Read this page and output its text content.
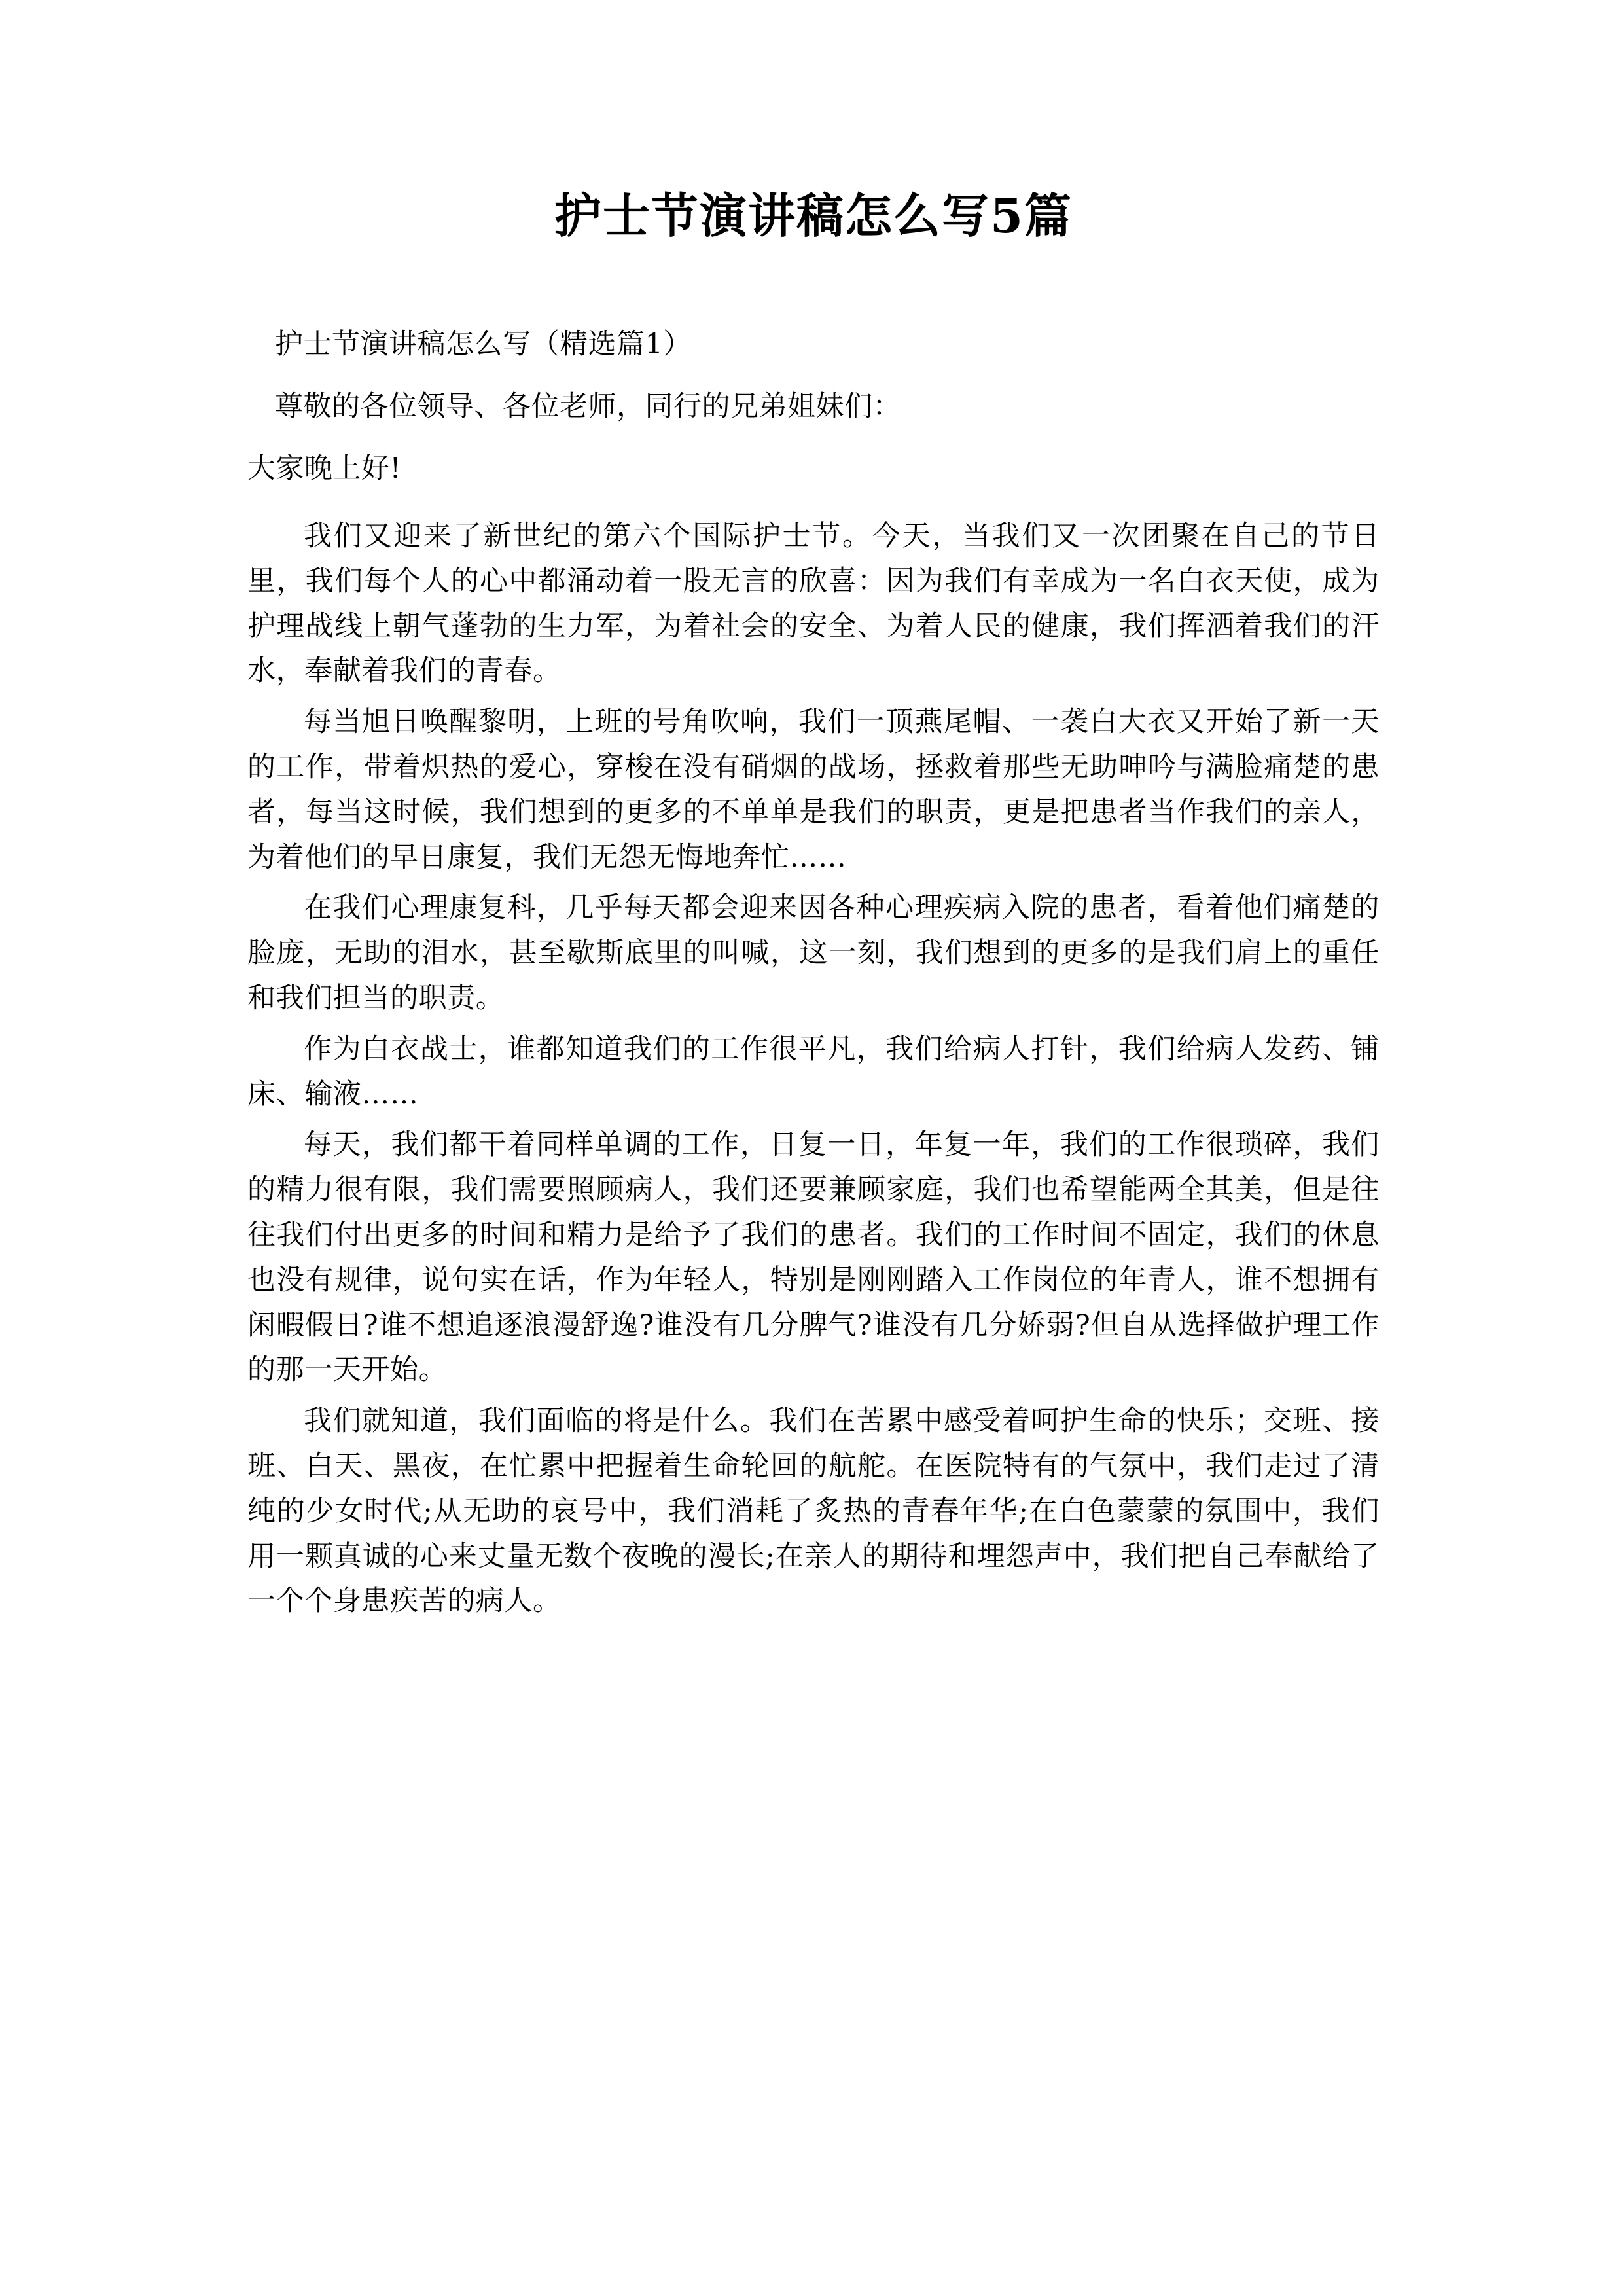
护士节演讲稿怎么写5篇

护士节演讲稿怎么写（精选篇1）

尊敬的各位领导、各位老师，同行的兄弟姐妹们：

大家晚上好!

我们又迎来了新世纪的第六个国际护士节。今天，当我们又一次团聚在自己的节日里，我们每个人的心中都涌动着一股无言的欣喜：因为我们有幸成为一名白衣天使，成为护理战线上朝气蓬勃的生力军，为着社会的安全、为着人民的健康，我们挥洒着我们的汗水，奉献着我们的青春。

每当旭日唤醒黎明，上班的号角吹响，我们一顶燕尾帽、一袭白大衣又开始了新一天的工作，带着炽热的爱心，穿梭在没有硝烟的战场，拯救着那些无助呻吟与满脸痛楚的患者，每当这时候，我们想到的更多的不单单是我们的职责，更是把患者当作我们的亲人，为着他们的早日康复，我们无怨无悔地奔忙……

在我们心理康复科，几乎每天都会迎来因各种心理疾病入院的患者，看着他们痛楚的脸庞，无助的泪水，甚至歇斯底里的叫喊，这一刻，我们想到的更多的是我们肩上的重任和我们担当的职责。

作为白衣战士，谁都知道我们的工作很平凡，我们给病人打针，我们给病人发药、铺床、输液……

每天，我们都干着同样单调的工作，日复一日，年复一年，我们的工作很琐碎，我们的精力很有限，我们需要照顾病人，我们还要兼顾家庭，我们也希望能两全其美，但是往往我们付出更多的时间和精力是给予了我们的患者。我们的工作时间不固定，我们的休息也没有规律，说句实在话，作为年轻人，特别是刚刚踏入工作岗位的年青人，谁不想拥有闲暇假日?谁不想追逐浪漫舒逸?谁没有几分脾气?谁没有几分娇弱?但自从选择做护理工作的那一天开始。

我们就知道，我们面临的将是什么。我们在苦累中感受着呵护生命的快乐；交班、接班、白天、黑夜，在忙累中把握着生命轮回的航舵。在医院特有的气氛中，我们走过了清纯的少女时代;从无助的哀号中，我们消耗了炙热的青春年华;在白色蒙蒙的氛围中，我们用一颗真诚的心来丈量无数个夜晚的漫长;在亲人的期待和埋怨声中，我们把自己奉献给了一个个身患疾苦的病人。
